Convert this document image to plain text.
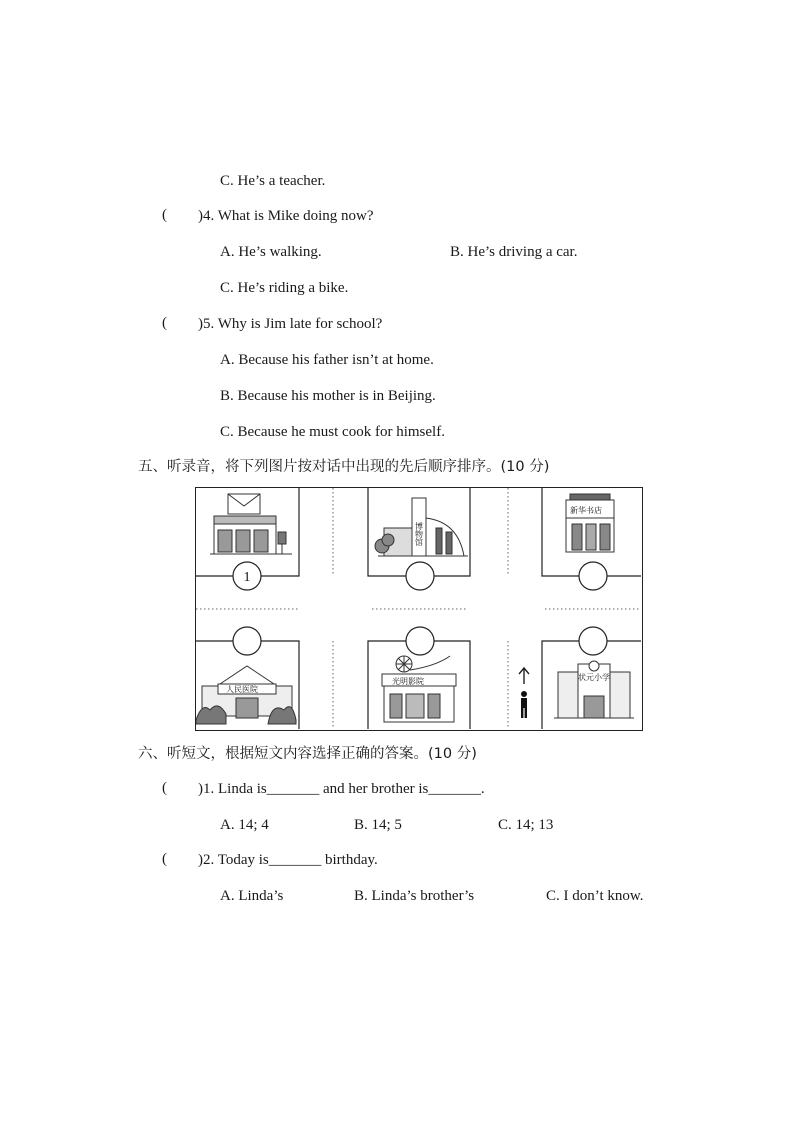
C. He’s a teacher.
( )4. What is Mike doing now?
A. He’s walking.	B. He’s driving a car.
C. He’s riding a bike.
( )5. Why is Jim late for school?
A. Because his father isn’t at home.
B. Because his mother is in Beijing.
C. Because he must cook for himself.
五、听录音，将下列图片按对话中出现的先后顺序排序。(10 分)
博物馆
新华书店
人民医院
光明影院	状元小学
1
六、听短文，根据短文内容选择正确的答案。(10 分)
( )1. Linda is_______ and her brother is_______.
A. 14; 4	B. 14; 5	C. 14; 13
( )2. Today is_______ birthday.
A. Linda’s	B. Linda’s brother’s	C. I don’t know.
